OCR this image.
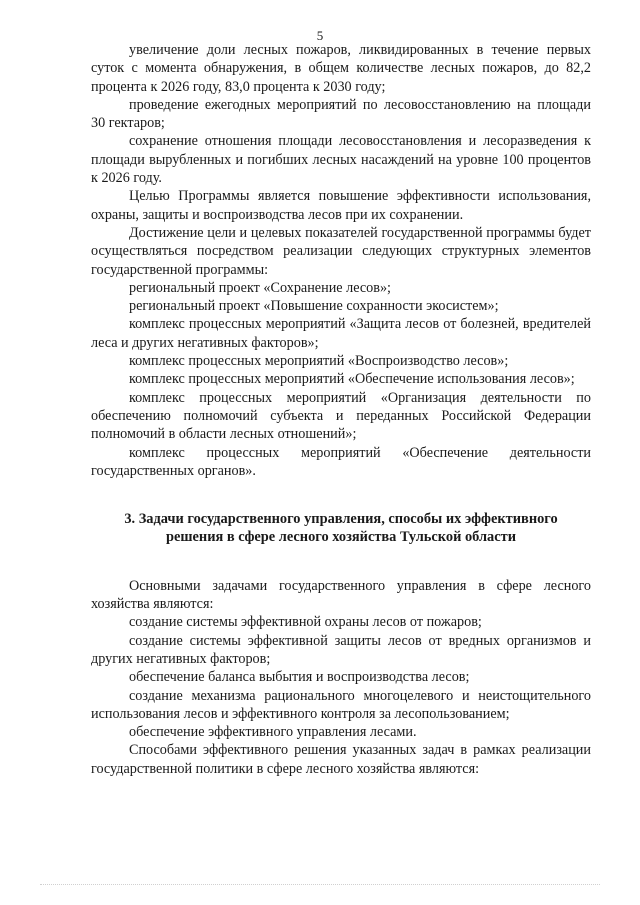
5

увеличение доли лесных пожаров, ликвидированных в течение первых суток с момента обнаружения, в общем количестве лесных пожаров, до 82,2 процента к 2026 году, 83,0 процента к 2030 году;

проведение ежегодных мероприятий по лесовосстановлению на площади 30 гектаров;

сохранение отношения площади лесовосстановления и лесоразведения к площади вырубленных и погибших лесных насаждений на уровне 100 процентов к 2026 году.

Целью Программы является повышение эффективности использования, охраны, защиты и воспроизводства лесов при их сохранении.

Достижение цели и целевых показателей государственной программы будет осуществляться посредством реализации следующих структурных элементов государственной программы:

региональный проект «Сохранение лесов»;

региональный проект «Повышение сохранности экосистем»;

комплекс процессных мероприятий «Защита лесов от болезней, вредителей леса и других негативных факторов»;

комплекс процессных мероприятий «Воспроизводство лесов»;

комплекс процессных мероприятий «Обеспечение использования лесов»;

комплекс процессных мероприятий «Организация деятельности по обеспечению полномочий субъекта и переданных Российской Федерации полномочий в области лесных отношений»;

комплекс процессных мероприятий «Обеспечение деятельности государственных органов».

3. Задачи государственного управления, способы их эффективного решения в сфере лесного хозяйства Тульской области

Основными задачами государственного управления в сфере лесного хозяйства являются:

создание системы эффективной охраны лесов от пожаров;

создание системы эффективной защиты лесов от вредных организмов и других негативных факторов;

обеспечение баланса выбытия и воспроизводства лесов;

создание механизма рационального многоцелевого и неистощительного использования лесов и эффективного контроля за лесопользованием;

обеспечение эффективного управления лесами.

Способами эффективного решения указанных задач в рамках реализации государственной политики в сфере лесного хозяйства являются:
